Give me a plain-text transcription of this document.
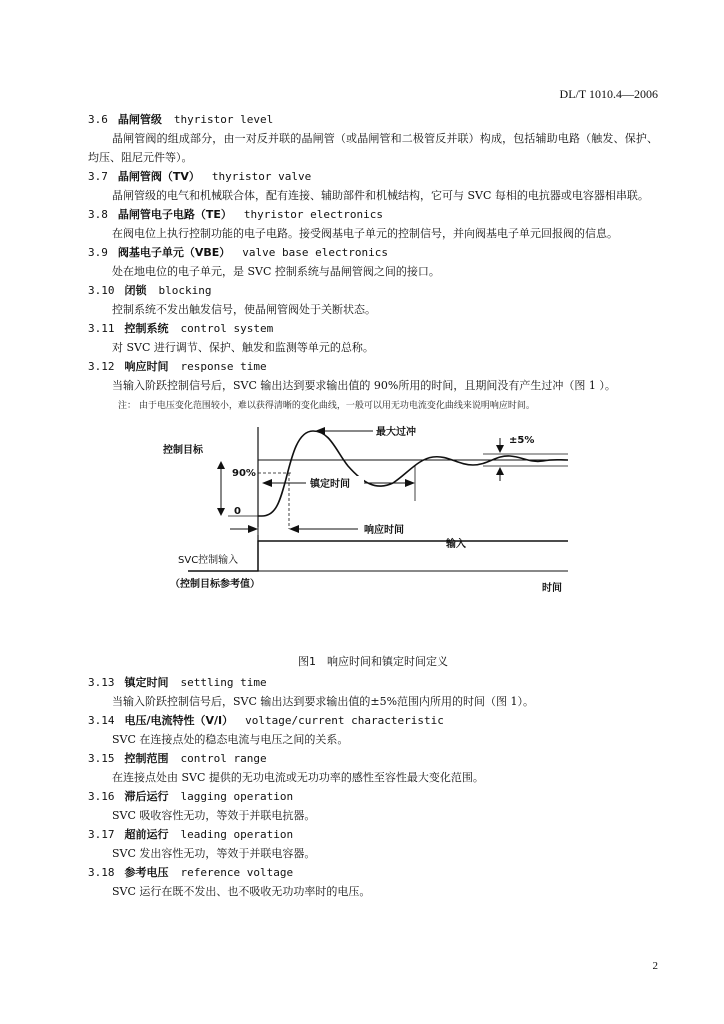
DL/T 1010.4—2006

3.6 晶闸管级 thyristor level

晶闸管阀的组成部分，由一对反并联的晶闸管（或晶闸管和二极管反并联）构成，包括辅助电路（触发、保护、均压、阻尼元件等）。

3.7 晶闸管阀（TV） thyristor valve

晶闸管级的电气和机械联合体，配有连接、辅助部件和机械结构，它可与 SVC 每相的电抗器或电容器相串联。

3.8 晶闸管电子电路（TE） thyristor electronics

在阀电位上执行控制功能的电子电路。接受阀基电子单元的控制信号，并向阀基电子单元回报阀的信息。

3.9 阀基电子单元（VBE） valve base electronics

处在地电位的电子单元，是 SVC 控制系统与晶闸管阀之间的接口。

3.10 闭锁 blocking

控制系统不发出触发信号，使晶闸管阀处于关断状态。

3.11 控制系统 control system

对 SVC 进行调节、保护、触发和监测等单元的总称。

3.12 响应时间 response time

当输入阶跃控制信号后，SVC 输出达到要求输出值的 90%所用的时间，且期间没有产生过冲（图 1 ）。

注： 由于电压变化范围较小，难以获得清晰的变化曲线，一般可以用无功电流变化曲线来说明响应时间。

最大过冲
±5%
镇定时间
控制目标
90%
0
响应时间
输入
SVC控制输入
（控制目标参考值）	时间

图1　响应时间和镇定时间定义

3.13 镇定时间 settling time

当输入阶跃控制信号后，SVC 输出达到要求输出值的±5%范围内所用的时间（图 1）。

3.14 电压/电流特性（V/I） voltage/current characteristic

SVC 在连接点处的稳态电流与电压之间的关系。

3.15 控制范围 control range

在连接点处由 SVC 提供的无功电流或无功功率的感性至容性最大变化范围。

3.16 滞后运行 lagging operation

SVC 吸收容性无功，等效于并联电抗器。

3.17 超前运行 leading operation

SVC 发出容性无功，等效于并联电容器。

3.18 参考电压 reference voltage

SVC 运行在既不发出、也不吸收无功功率时的电压。

2
